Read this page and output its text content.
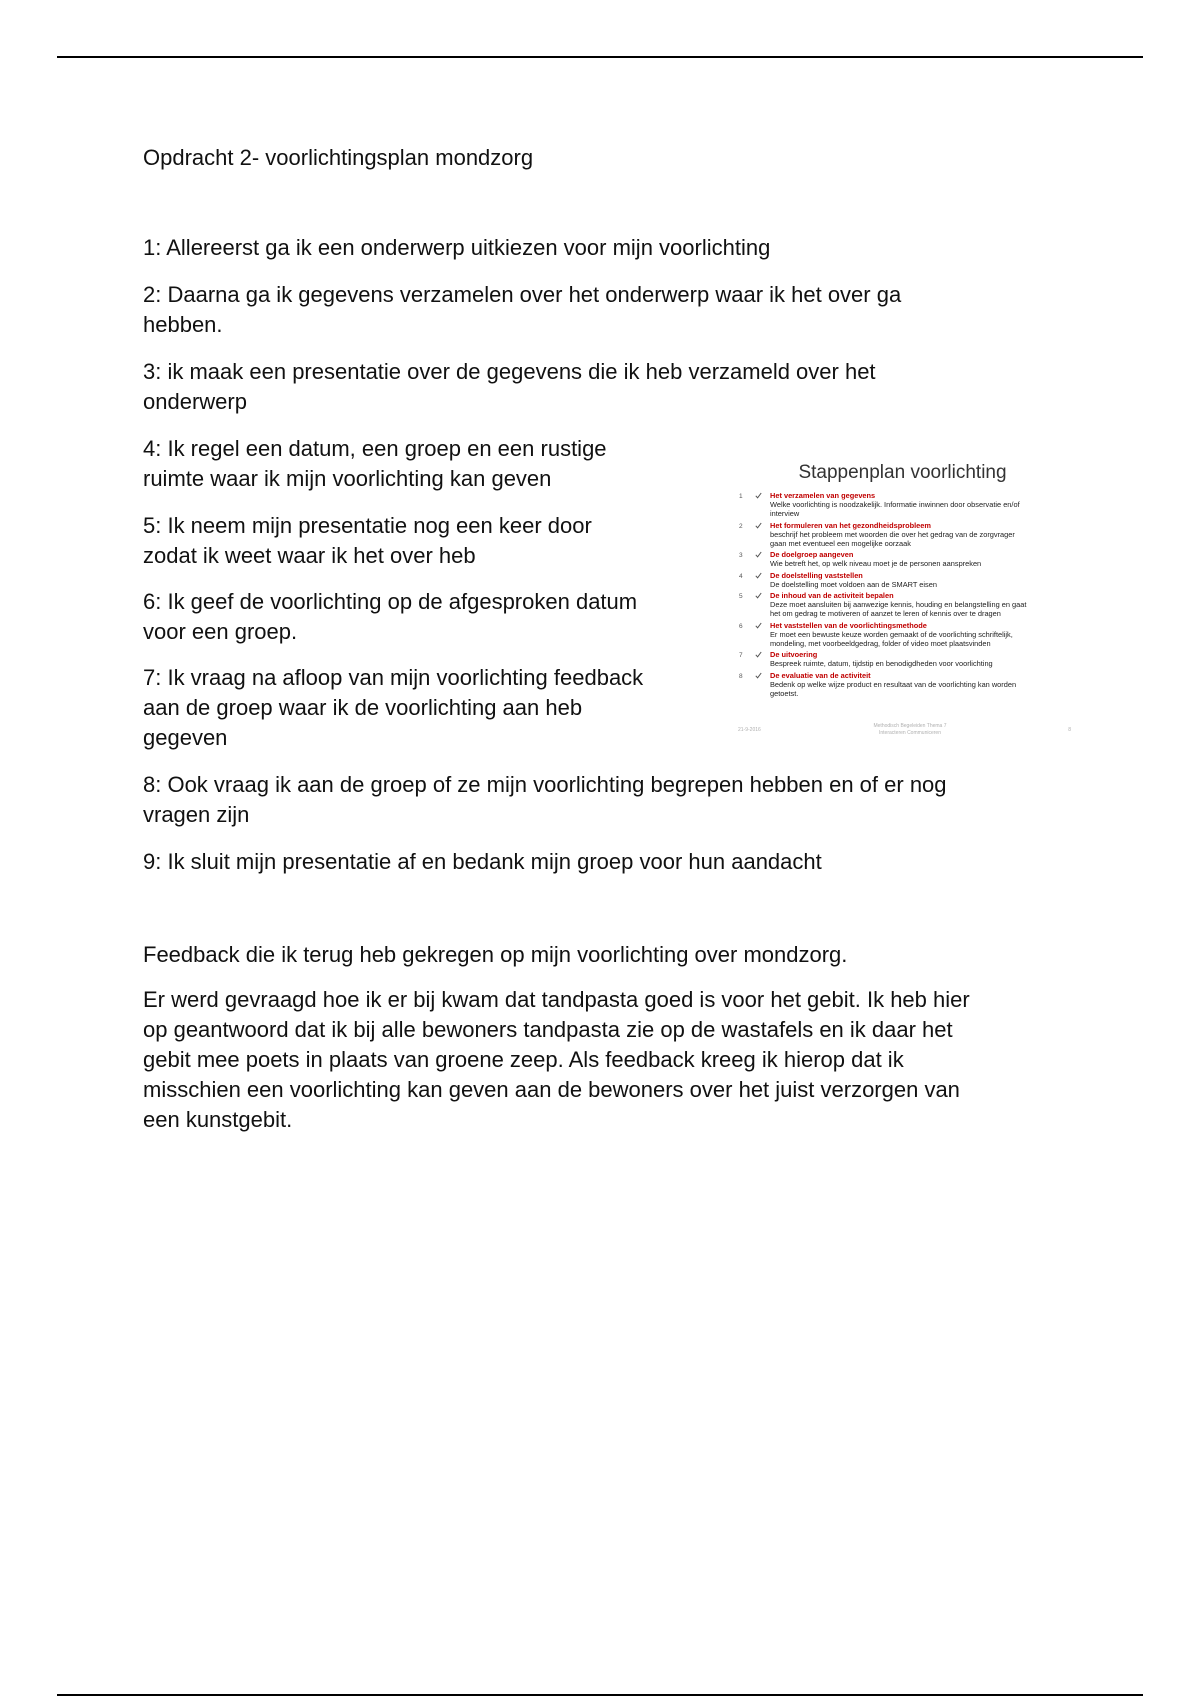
Opdracht 2- voorlichtingsplan mondzorg
1: Allereerst ga ik een onderwerp uitkiezen voor mijn voorlichting
2: Daarna ga ik gegevens verzamelen over het onderwerp waar ik het over ga
hebben.
3: ik maak een presentatie over de gegevens die ik heb verzameld over het
onderwerp
4: Ik regel een datum, een groep en een rustige
ruimte waar ik mijn voorlichting kan geven
5: Ik neem mijn presentatie nog een keer door
zodat ik weet waar ik het over heb
6: Ik geef de voorlichting op de afgesproken datum
voor een groep.
7: Ik vraag na afloop van mijn voorlichting feedback
aan de groep waar ik de voorlichting aan heb
gegeven
8: Ook vraag ik aan de groep of ze mijn voorlichting begrepen hebben en of er nog
vragen zijn
9: Ik sluit mijn presentatie af en bedank mijn groep voor hun aandacht
Feedback die ik terug heb gekregen op mijn voorlichting over mondzorg.
Er werd gevraagd hoe ik er bij kwam dat tandpasta goed is voor het gebit. Ik heb hier
op geantwoord dat ik bij alle bewoners tandpasta zie op de wastafels en ik daar het
gebit mee poets in plaats van groene zeep. Als feedback kreeg ik hierop dat ik
misschien een voorlichting kan geven aan de bewoners over het juist verzorgen van
een kunstgebit.
Stappenplan voorlichting
1	Het verzamelen van gegevens
Welke voorlichting is noodzakelijk. Informatie inwinnen door observatie en/of
interview
2	Het formuleren van het gezondheidsprobleem
beschrijf het probleem met woorden die over het gedrag van de zorgvrager
gaan met eventueel een mogelijke oorzaak
3	De doelgroep aangeven
Wie betreft het, op welk niveau moet je de personen aanspreken
4	De doelstelling vaststellen
De doelstelling moet voldoen aan de SMART eisen
5	De inhoud van de activiteit bepalen
Deze moet aansluiten bij aanwezige kennis, houding en belangstelling en gaat
het om gedrag te motiveren of aanzet te leren of kennis over te dragen
6	Het vaststellen van de voorlichtingsmethode
Er moet een bewuste keuze worden gemaakt of de voorlichting schriftelijk,
mondeling, met voorbeeldgedrag, folder of video moet plaatsvinden
7	De uitvoering
Bespreek ruimte, datum, tijdstip en benodigdheden voor voorlichting
8	De evaluatie van de activiteit
Bedenk op welke wijze product en resultaat van de voorlichting kan worden
getoetst.
21-9-2016
Methodisch Begeleiden Thema 7
Interacteren Communiceren	8
